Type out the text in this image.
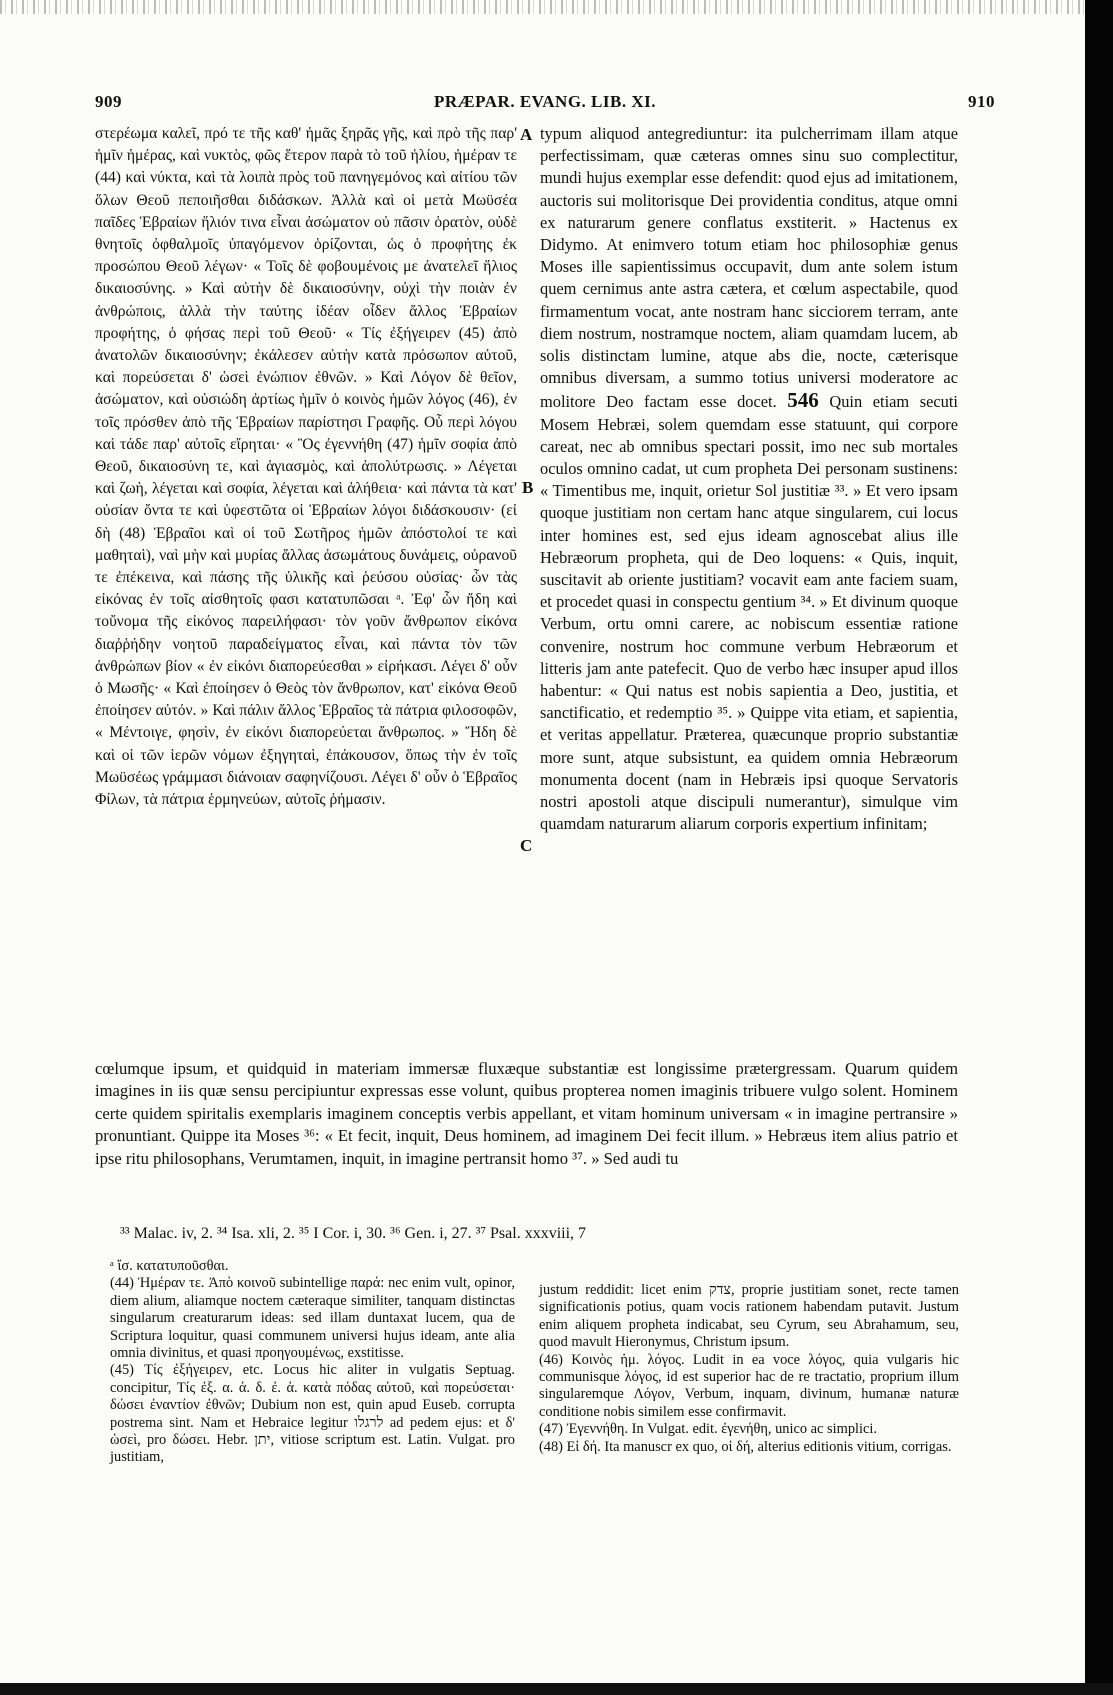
909	PRÆPAR. EVANG. LIB. XI.	910

στερέωμα καλεῖ, πρό τε τῆς καθ' ἡμᾶς ξηρᾶς γῆς, καὶ πρὸ τῆς παρ' ἡμῖν ἡμέρας, καὶ νυκτὸς, φῶς ἕτερον παρὰ τὸ τοῦ ἡλίου, ἡμέραν τε (44) καὶ νύκτα, καὶ τὰ λοιπὰ πρὸς τοῦ πανηγεμόνος καὶ αἰτίου τῶν ὅλων Θεοῦ πεποιῆσθαι διδάσκων. Ἀλλὰ καὶ οἱ μετὰ Μωϋσέα παῖδες Ἑβραίων ἥλιόν τινα εἶναι ἀσώματον οὐ πᾶσιν ὁρατὸν, οὐδὲ θνητοῖς ὀφθαλμοῖς ὑπαγόμενον ὁρίζονται, ὡς ὁ προφήτης ἐκ προσώπου Θεοῦ λέγων· « Τοῖς δὲ φοβουμένοις με ἀνατελεῖ ἥλιος δικαιοσύνης. » Καὶ αὐτὴν δὲ δικαιοσύνην, οὐχὶ τὴν ποιὰν ἐν ἀνθρώποις, ἀλλὰ τὴν ταύτης ἰδέαν οἶδεν ἄλλος Ἑβραίων προφήτης, ὁ φήσας περὶ τοῦ Θεοῦ· « Τίς ἐξήγειρεν (45) ἀπὸ ἀνατολῶν δικαιοσύνην; ἐκάλεσεν αὐτὴν κατὰ πρόσωπον αὐτοῦ, καὶ πορεύσεται δ' ὡσεὶ ἐνώπιον ἐθνῶν. » Καὶ Λόγον δὲ θεῖον, ἀσώματον, καὶ οὐσιώδη ἀρτίως ἡμῖν ὁ κοινὸς ἡμῶν λόγος (46), ἐν τοῖς πρόσθεν ἀπὸ τῆς Ἑβραίων παρίστησι Γραφῆς. Οὗ περὶ λόγου καὶ τάδε παρ' αὐτοῖς εἴρηται· « Ὃς ἐγεννήθη (47) ἡμῖν σοφία ἀπὸ Θεοῦ, δικαιοσύνη τε, καὶ ἁγιασμὸς, καὶ ἀπολύτρωσις. » Λέγεται καὶ ζωὴ, λέγεται καὶ σοφία, λέγεται καὶ ἀλήθεια· καὶ πάντα τὰ κατ' οὐσίαν ὄντα τε καὶ ὑφεστῶτα οἱ Ἑβραίων λόγοι διδάσκουσιν· (εἰ δὴ (48) Ἑβραῖοι καὶ οἱ τοῦ Σωτῆρος ἡμῶν ἀπόστολοί τε καὶ μαθηταὶ), ναὶ μὴν καὶ μυρίας ἄλλας ἀσωμάτους δυνάμεις, οὐρανοῦ τε ἐπέκεινα, καὶ πάσης τῆς ὑλικῆς καὶ ῥεύσου οὐσίας· ὧν τὰς εἰκόνας ἐν τοῖς αἰσθητοῖς φασι κατατυπῶσαι ᵃ. Ἐφ' ὧν ἤδη καὶ τοὔνομα τῆς εἰκόνος παρειλήφασι· τὸν γοῦν ἄνθρωπον εἰκόνα διαῤῥήδην νοητοῦ παραδείγματος εἶναι, καὶ πάντα τὸν τῶν ἀνθρώπων βίον « ἐν εἰκόνι διαπορεύεσθαι » εἰρήκασι. Λέγει δ' οὖν ὁ Μωσῆς· « Καὶ ἐποίησεν ὁ Θεὸς τὸν ἄνθρωπον, κατ' εἰκόνα Θεοῦ ἐποίησεν αὐτόν. » Καὶ πάλιν ἄλλος Ἑβραῖος τὰ πάτρια φιλοσοφῶν, « Μέντοιγε, φησὶν, ἐν εἰκόνι διαπορεύεται ἄνθρωπος. » Ἤδη δὲ καὶ οἱ τῶν ἱερῶν νόμων ἐξηγηταὶ, ἐπάκουσον, ὅπως τὴν ἐν τοῖς Μωϋσέως γράμμασι διάνοιαν σαφηνίζουσι. Λέγει δ' οὖν ὁ Ἑβραῖος Φίλων, τὰ πάτρια ἑρμηνεύων, αὐτοῖς ῥήμασιν.

A
B
C

typum aliquod antegrediuntur: ita pulcherrimam illam atque perfectissimam, quæ cæteras omnes sinu suo complectitur, mundi hujus exemplar esse defendit: quod ejus ad imitationem, auctoris sui molitorisque Dei providentia conditus, atque omni ex naturarum genere conflatus exstiterit. » Hactenus ex Didymo. At enimvero totum etiam hoc philosophiæ genus Moses ille sapientissimus occupavit, dum ante solem istum quem cernimus ante astra cætera, et cœlum aspectabile, quod firmamentum vocat, ante nostram hanc sicciorem terram, ante diem nostrum, nostramque noctem, aliam quamdam lucem, ab solis distinctam lumine, atque abs die, nocte, cæterisque omnibus diversam, a summo totius universi moderatore ac molitore Deo factam esse docet. 546 Quin etiam secuti Mosem Hebræi, solem quemdam esse statuunt, qui corpore careat, nec ab omnibus spectari possit, imo nec sub mortales oculos omnino cadat, ut cum propheta Dei personam sustinens: « Timentibus me, inquit, orietur Sol justitiæ ³³. » Et vero ipsam quoque justitiam non certam hanc atque singularem, cui locus inter homines est, sed ejus ideam agnoscebat alius ille Hebræorum propheta, qui de Deo loquens: « Quis, inquit, suscitavit ab oriente justitiam? vocavit eam ante faciem suam, et procedet quasi in conspectu gentium ³⁴. » Et divinum quoque Verbum, ortu omni carere, ac nobiscum essentiæ ratione convenire, nostrum hoc commune verbum Hebræorum et litteris jam ante patefecit. Quo de verbo hæc insuper apud illos habentur: « Qui natus est nobis sapientia a Deo, justitia, et sanctificatio, et redemptio ³⁵. » Quippe vita etiam, et sapientia, et veritas appellatur. Præterea, quæcunque proprio substantiæ more sunt, atque subsistunt, ea quidem omnia Hebræorum monumenta docent (nam in Hebræis ipsi quoque Servatoris nostri apostoli atque discipuli numerantur), simulque vim quamdam naturarum aliarum corporis expertium infinitam;

cœlumque ipsum, et quidquid in materiam immersæ fluxæque substantiæ est longissime prætergressam. Quarum quidem imagines in iis quæ sensu percipiuntur expressas esse volunt, quibus propterea nomen imaginis tribuere vulgo solent. Hominem certe quidem spiritalis exemplaris imaginem conceptis verbis appellant, et vitam hominum universam « in imagine pertransire » pronuntiant. Quippe ita Moses ³⁶: « Et fecit, inquit, Deus hominem, ad imaginem Dei fecit illum. » Hebræus item alius patrio et ipse ritu philosophans, Verumtamen, inquit, in imagine pertransit homo ³⁷. » Sed audi tu
³³ Malac. iv, 2. ³⁴ Isa. xli, 2. ³⁵ I Cor. i, 30. ³⁶ Gen. i, 27. ³⁷ Psal. xxxviii, 7

ᵃ ἴσ. κατατυποῦσθαι.

(44) Ἡμέραν τε. Ἀπὸ κοινοῦ subintellige παρά: nec enim vult, opinor, diem alium, aliamque noctem cæteraque similiter, tanquam distinctas singularum creaturarum ideas: sed illam duntaxat lucem, qua de Scriptura loquitur, quasi communem universi hujus ideam, ante alia omnia divinitus, et quasi προηγουμένως, exstitisse.

(45) Τίς ἐξήγειρεν, etc. Locus hic aliter in vulgatis Septuag. concipitur, Τίς ἐξ. α. ἀ. δ. ἐ. ἀ. κατὰ πόδας αὐτοῦ, καὶ πορεύσεται· δώσει ἐναντίον ἐθνῶν; Dubium non est, quin apud Euseb. corrupta postrema sint. Nam et Hebraice legitur לרגלו ad pedem ejus: et δ' ὡσεὶ, pro δώσει. Hebr. יתן, vitiose scriptum est. Latin. Vulgat. pro justitiam,

justum reddidit: licet enim צדק, proprie justitiam sonet, recte tamen significationis potius, quam vocis rationem habendam putavit. Justum enim aliquem propheta indicabat, seu Cyrum, seu Abrahamum, seu, quod mavult Hieronymus, Christum ipsum.

(46) Κοινὸς ἡμ. λόγος. Ludit in ea voce λόγος, quia vulgaris hic communisque λόγος, id est superior hac de re tractatio, proprium illum singularemque Λόγον, Verbum, inquam, divinum, humanæ naturæ conditione nobis similem esse confirmavit.

(47) Ἐγεννήθη. In Vulgat. edit. ἐγενήθη, unico ac simplici.

(48) Εἰ δή. Ita manuscr ex quo, οἱ δή, alterius editionis vitium, corrigas.
